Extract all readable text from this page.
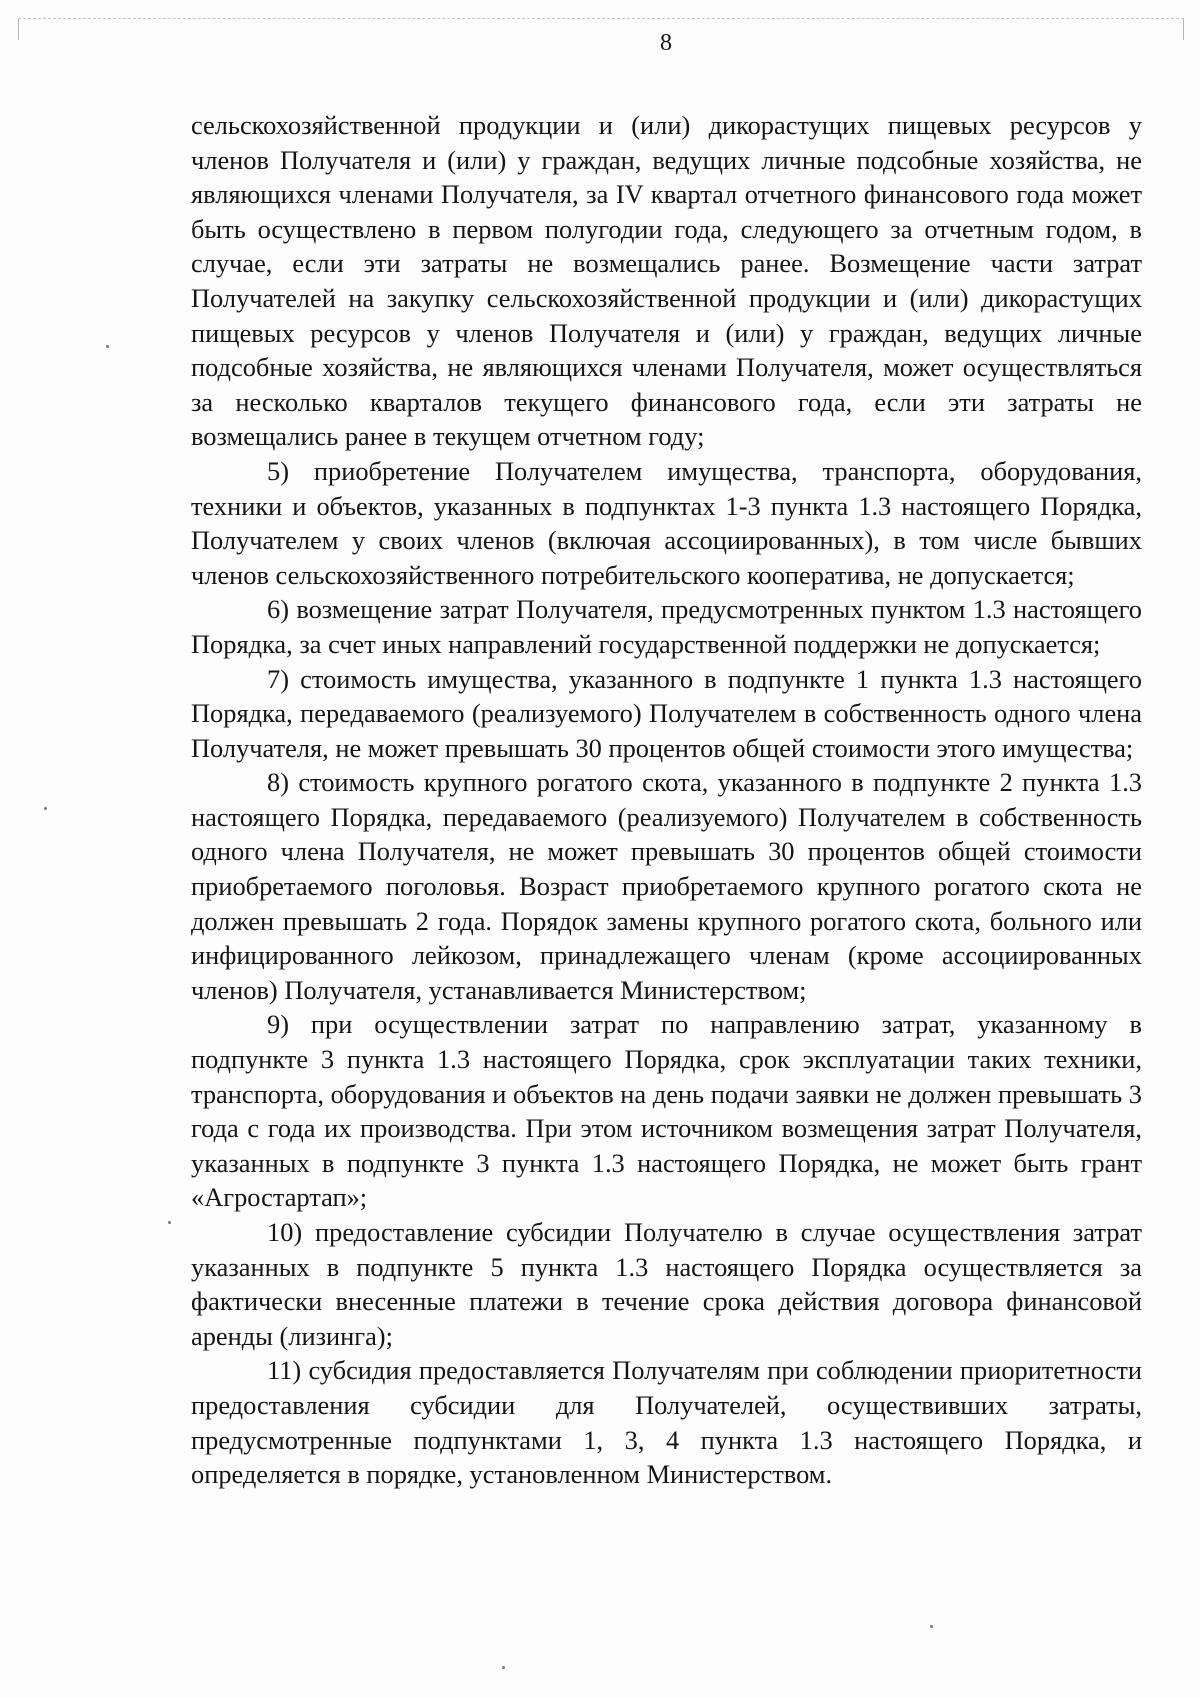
8

сельскохозяйственной продукции и (или) дикорастущих пищевых ресурсов у членов Получателя и (или) у граждан, ведущих личные подсобные хозяйства, не являющихся членами Получателя, за IV квартал отчетного финансового года может быть осуществлено в первом полугодии года, следующего за отчетным годом, в случае, если эти затраты не возмещались ранее. Возмещение части затрат Получателей на закупку сельскохозяйственной продукции и (или) дикорастущих пищевых ресурсов у членов Получателя и (или) у граждан, ведущих личные подсобные хозяйства, не являющихся членами Получателя, может осуществляться за несколько кварталов текущего финансового года, если эти затраты не возмещались ранее в текущем отчетном году;

5) приобретение Получателем имущества, транспорта, оборудования, техники и объектов, указанных в подпунктах 1-3 пункта 1.3 настоящего Порядка, Получателем у своих членов (включая ассоциированных), в том числе бывших членов сельскохозяйственного потребительского кооператива, не допускается;

6) возмещение затрат Получателя, предусмотренных пунктом 1.3 настоящего Порядка, за счет иных направлений государственной поддержки не допускается;

7) стоимость имущества, указанного в подпункте 1 пункта 1.3 настоящего Порядка, передаваемого (реализуемого) Получателем в собственность одного члена Получателя, не может превышать 30 процентов общей стоимости этого имущества;

8) стоимость крупного рогатого скота, указанного в подпункте 2 пункта 1.3 настоящего Порядка, передаваемого (реализуемого) Получателем в собственность одного члена Получателя, не может превышать 30 процентов общей стоимости приобретаемого поголовья. Возраст приобретаемого крупного рогатого скота не должен превышать 2 года. Порядок замены крупного рогатого скота, больного или инфицированного лейкозом, принадлежащего членам (кроме ассоциированных членов) Получателя, устанавливается Министерством;

9) при осуществлении затрат по направлению затрат, указанному в подпункте 3 пункта 1.3 настоящего Порядка, срок эксплуатации таких техники, транспорта, оборудования и объектов на день подачи заявки не должен превышать 3 года с года их производства. При этом источником возмещения затрат Получателя, указанных в подпункте 3 пункта 1.3 настоящего Порядка, не может быть грант «Агростартап»;

10) предоставление субсидии Получателю в случае осуществления затрат указанных в подпункте 5 пункта 1.3 настоящего Порядка осуществляется за фактически внесенные платежи в течение срока действия договора финансовой аренды (лизинга);

11) субсидия предоставляется Получателям при соблюдении приоритетности предоставления субсидии для Получателей, осуществивших затраты, предусмотренные подпунктами 1, 3, 4 пункта 1.3 настоящего Порядка, и определяется в порядке, установленном Министерством.
